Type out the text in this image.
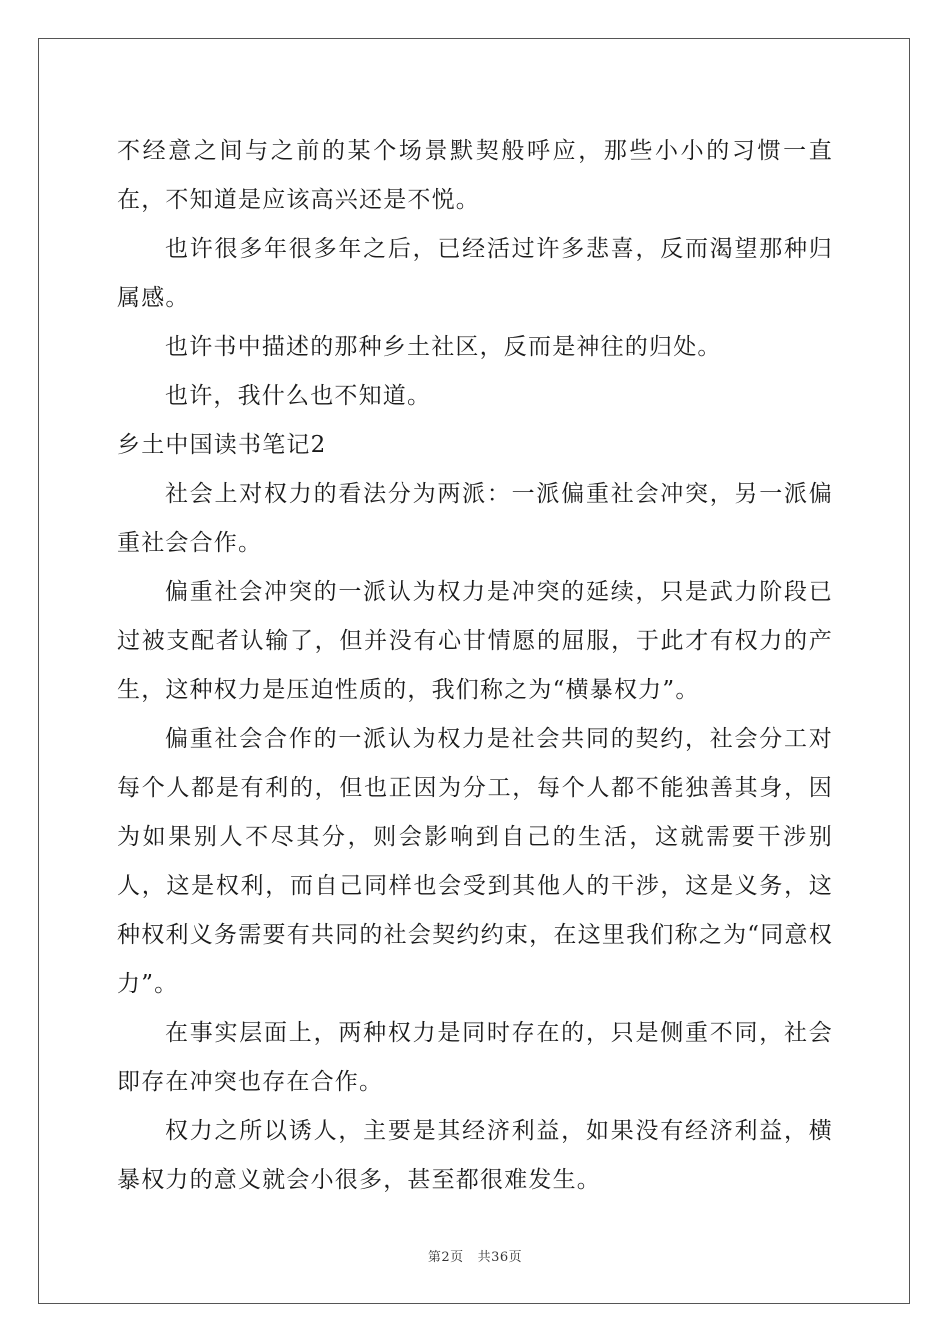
不经意之间与之前的某个场景默契般呼应，那些小小的习惯一直在，不知道是应该高兴还是不悦。

也许很多年很多年之后，已经活过许多悲喜，反而渴望那种归属感。

也许书中描述的那种乡土社区，反而是神往的归处。

也许，我什么也不知道。

乡土中国读书笔记2

社会上对权力的看法分为两派：一派偏重社会冲突，另一派偏重社会合作。

偏重社会冲突的一派认为权力是冲突的延续，只是武力阶段已过被支配者认输了，但并没有心甘情愿的屈服，于此才有权力的产生，这种权力是压迫性质的，我们称之为“横暴权力”。

偏重社会合作的一派认为权力是社会共同的契约，社会分工对每个人都是有利的，但也正因为分工，每个人都不能独善其身，因为如果别人不尽其分，则会影响到自己的生活，这就需要干涉别人，这是权利，而自己同样也会受到其他人的干涉，这是义务，这种权利义务需要有共同的社会契约约束，在这里我们称之为“同意权力”。

在事实层面上，两种权力是同时存在的，只是侧重不同，社会即存在冲突也存在合作。

权力之所以诱人，主要是其经济利益，如果没有经济利益，横暴权力的意义就会小很多，甚至都很难发生。

第2页 共36页
